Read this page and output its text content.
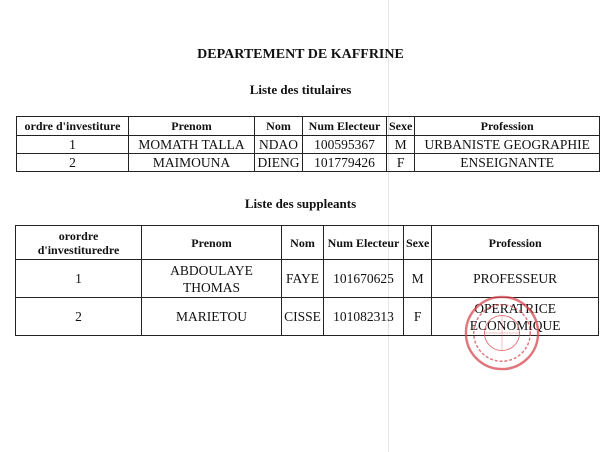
DEPARTEMENT DE KAFFRINE
Liste des titulaires
ordre d'investiture	Prenom	Nom	Num Electeur	Sexe	Profession
1	MOMATH TALLA	NDAO	100595367	M	URBANISTE GEOGRAPHIE
2	MAIMOUNA	DIENG	101779426	F	ENSEIGNANTE
Liste des suppleants
orordre d'investituredre	Prenom	Nom	Num Electeur	Sexe	Profession
1	ABDOULAYE THOMAS	FAYE	101670625	M	PROFESSEUR
2	MARIETOU	CISSE	101082313	F	OPERATRICE ECONOMIQUE
